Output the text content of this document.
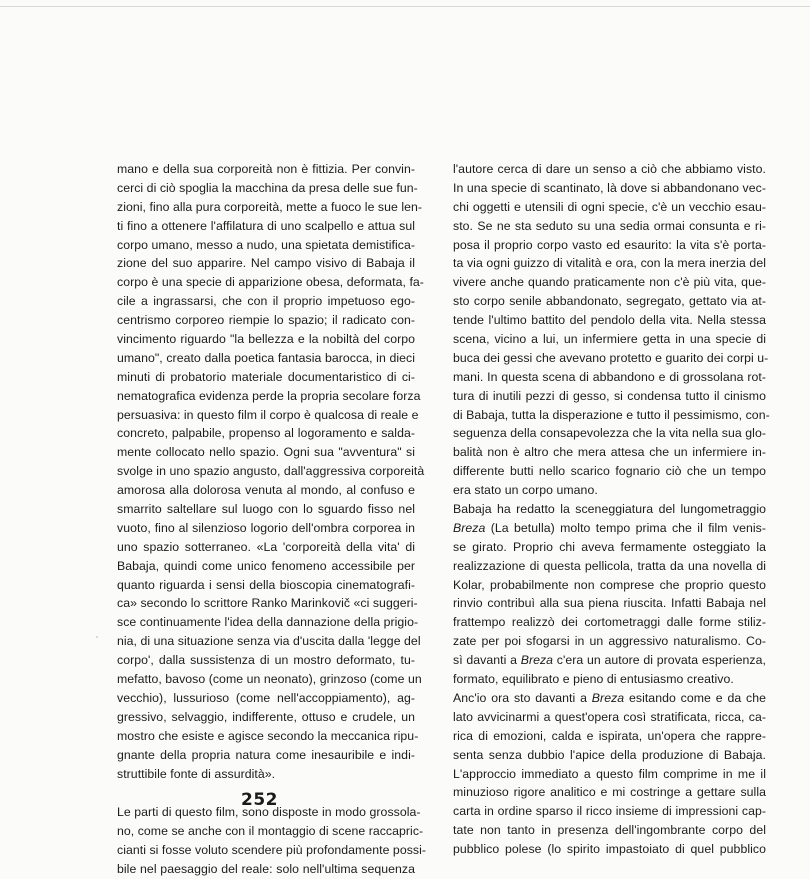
mano e della sua corporeità non è fittizia. Per convin-
cerci di ciò spoglia la macchina da presa delle sue fun-
zioni, fino alla pura corporeità, mette a fuoco le sue len-
ti fino a ottenere l'affilatura di uno scalpello e attua sul
corpo umano, messo a nudo, una spietata demistifica-
zione del suo apparire. Nel campo visivo di Babaja il
corpo è una specie di apparizione obesa, deformata, fa-
cile a ingrassarsi, che con il proprio impetuoso ego-
centrismo corporeo riempie lo spazio; il radicato con-
vincimento riguardo "la bellezza e la nobiltà del corpo
umano", creato dalla poetica fantasia barocca, in dieci
minuti di probatorio materiale documentaristico di ci-
nematografica evidenza perde la propria secolare forza
persuasiva: in questo film il corpo è qualcosa di reale e
concreto, palpabile, propenso al logoramento e salda-
mente collocato nello spazio. Ogni sua "avventura" si
svolge in uno spazio angusto, dall'aggressiva corporeità
amorosa alla dolorosa venuta al mondo, al confuso e
smarrito saltellare sul luogo con lo sguardo fisso nel
vuoto, fino al silenzioso logorio dell'ombra corporea in
uno spazio sotterraneo. «La 'corporeità della vita' di
Babaja, quindi come unico fenomeno accessibile per
quanto riguarda i sensi della bioscopia cinematografi-
ca» secondo lo scrittore Ranko Marinkovič «ci suggeri-
sce continuamente l'idea della dannazione della prigio-
nia, di una situazione senza via d'uscita dalla 'legge del
corpo', dalla sussistenza di un mostro deformato, tu-
mefatto, bavoso (come un neonato), grinzoso (come un
vecchio), lussurioso (come nell'accoppiamento), ag-
gressivo, selvaggio, indifferente, ottuso e crudele, un
mostro che esiste e agisce secondo la meccanica ripu-
gnante della propria natura come inesauribile e indi-
struttibile fonte di assurdità».
Le parti di questo film, sono disposte in modo grossola-
no, come se anche con il montaggio di scene raccapric-
cianti si fosse voluto scendere più profondamente possi-
bile nel paesaggio del reale: solo nell'ultima sequenza
l'autore cerca di dare un senso a ciò che abbiamo visto.
In una specie di scantinato, là dove si abbandonano vec-
chi oggetti e utensili di ogni specie, c'è un vecchio esau-
sto. Se ne sta seduto su una sedia ormai consunta e ri-
posa il proprio corpo vasto ed esaurito: la vita s'è porta-
ta via ogni guizzo di vitalità e ora, con la mera inerzia del
vivere anche quando praticamente non c'è più vita, que-
sto corpo senile abbandonato, segregato, gettato via at-
tende l'ultimo battito del pendolo della vita. Nella stessa
scena, vicino a lui, un infermiere getta in una specie di
buca dei gessi che avevano protetto e guarito dei corpi u-
mani. In questa scena di abbandono e di grossolana rot-
tura di inutili pezzi di gesso, si condensa tutto il cinismo
di Babaja, tutta la disperazione e tutto il pessimismo, con-
seguenza della consapevolezza che la vita nella sua glo-
balità non è altro che mera attesa che un infermiere in-
differente butti nello scarico fognario ciò che un tempo
era stato un corpo umano.
Babaja ha redatto la sceneggiatura del lungometraggio
Breza (La betulla) molto tempo prima che il film venis-
se girato. Proprio chi aveva fermamente osteggiato la
realizzazione di questa pellicola, tratta da una novella di
Kolar, probabilmente non comprese che proprio questo
rinvio contribuì alla sua piena riuscita. Infatti Babaja nel
frattempo realizzò dei cortometraggi dalle forme stiliz-
zate per poi sfogarsi in un aggressivo naturalismo. Co-
sì davanti a Breza c'era un autore di provata esperienza,
formato, equilibrato e pieno di entusiasmo creativo.
Anc'io ora sto davanti a Breza esitando come e da che
lato avvicinarmi a quest'opera così stratificata, ricca, ca-
rica di emozioni, calda e ispirata, un'opera che rappre-
senta senza dubbio l'apice della produzione di Babaja.
L'approccio immediato a questo film comprime in me il
minuzioso rigore analitico e mi costringe a gettare sulla
carta in ordine sparso il ricco insieme di impressioni cap-
tate non tanto in presenza dell'ingombrante corpo del
pubblico polese (lo spirito impastoiato di quel pubblico
252
